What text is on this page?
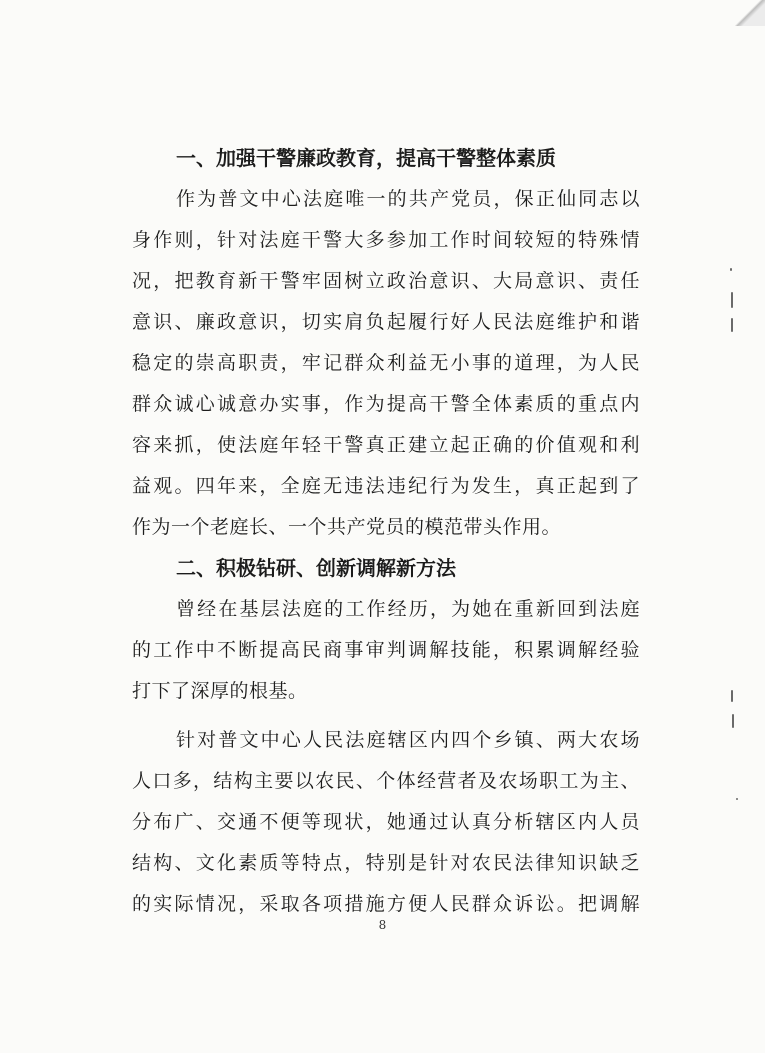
一、加强干警廉政教育，提高干警整体素质
作为普文中心法庭唯一的共产党员，保正仙同志以
身作则，针对法庭干警大多参加工作时间较短的特殊情
况，把教育新干警牢固树立政治意识、大局意识、责任
意识、廉政意识，切实肩负起履行好人民法庭维护和谐
稳定的崇高职责，牢记群众利益无小事的道理，为人民
群众诚心诚意办实事，作为提高干警全体素质的重点内
容来抓，使法庭年轻干警真正建立起正确的价值观和利
益观。四年来，全庭无违法违纪行为发生，真正起到了
作为一个老庭长、一个共产党员的模范带头作用。
二、积极钻研、创新调解新方法
曾经在基层法庭的工作经历，为她在重新回到法庭
的工作中不断提高民商事审判调解技能，积累调解经验
打下了深厚的根基。
针对普文中心人民法庭辖区内四个乡镇、两大农场
人口多，结构主要以农民、个体经营者及农场职工为主、
分布广、交通不便等现状，她通过认真分析辖区内人员
结构、文化素质等特点，特别是针对农民法律知识缺乏
的实际情况，采取各项措施方便人民群众诉讼。把调解
8
